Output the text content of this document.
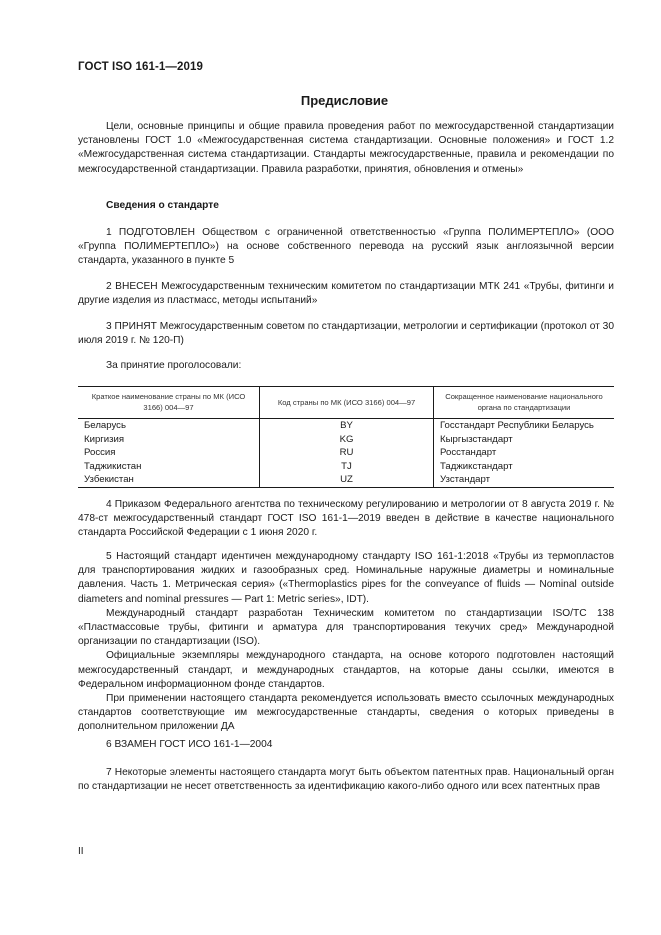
ГОСТ ISO 161-1—2019
Предисловие

Цели, основные принципы и общие правила проведения работ по межгосударственной стандартизации установлены ГОСТ 1.0 «Межгосударственная система стандартизации. Основные положения» и ГОСТ 1.2 «Межгосударственная система стандартизации. Стандарты межгосударственные, правила и рекомендации по межгосударственной стандартизации. Правила разработки, принятия, обновления и отмены»

Сведения о стандарте

1 ПОДГОТОВЛЕН Обществом с ограниченной ответственностью «Группа ПОЛИМЕРТЕПЛО» (ООО «Группа ПОЛИМЕРТЕПЛО») на основе собственного перевода на русский язык англоязычной версии стандарта, указанного в пункте 5

2 ВНЕСЕН Межгосударственным техническим комитетом по стандартизации МТК 241 «Трубы, фитинги и другие изделия из пластмасс, методы испытаний»

3 ПРИНЯТ Межгосударственным советом по стандартизации, метрологии и сертификации (протокол от 30 июля 2019 г. № 120-П)

За принятие проголосовали:
Краткое наименование страны по МК (ИСО 3166) 004—97	Код страны по МК (ИСО 3166) 004—97	Сокращенное наименование национального органа по стандартизации
Беларусь	BY	Госстандарт Республики Беларусь
Киргизия	KG	Кыргызстандарт
Россия	RU	Росстандарт
Таджикистан	TJ	Таджикстандарт
Узбекистан	UZ	Узстандарт

4 Приказом Федерального агентства по техническому регулированию и метрологии от 8 августа 2019 г. № 478-ст межгосударственный стандарт ГОСТ ISO 161-1—2019 введен в действие в качестве национального стандарта Российской Федерации с 1 июня 2020 г.

5 Настоящий стандарт идентичен международному стандарту ISO 161-1:2018 «Трубы из термопластов для транспортирования жидких и газообразных сред. Номинальные наружные диаметры и номинальные давления. Часть 1. Метрическая серия» («Thermoplastics pipes for the conveyance of fluids — Nominal outside diameters and nominal pressures — Part 1: Metric series», IDT).

Международный стандарт разработан Техническим комитетом по стандартизации ISO/TC 138 «Пластмассовые трубы, фитинги и арматура для транспортирования текучих сред» Международной организации по стандартизации (ISO).

Официальные экземпляры международного стандарта, на основе которого подготовлен настоящий межгосударственный стандарт, и международных стандартов, на которые даны ссылки, имеются в Федеральном информационном фонде стандартов.

При применении настоящего стандарта рекомендуется использовать вместо ссылочных международных стандартов соответствующие им межгосударственные стандарты, сведения о которых приведены в дополнительном приложении ДА

6 ВЗАМЕН ГОСТ ИСО 161-1—2004

7 Некоторые элементы настоящего стандарта могут быть объектом патентных прав. Национальный орган по стандартизации не несет ответственность за идентификацию какого-либо одного или всех патентных прав

II
